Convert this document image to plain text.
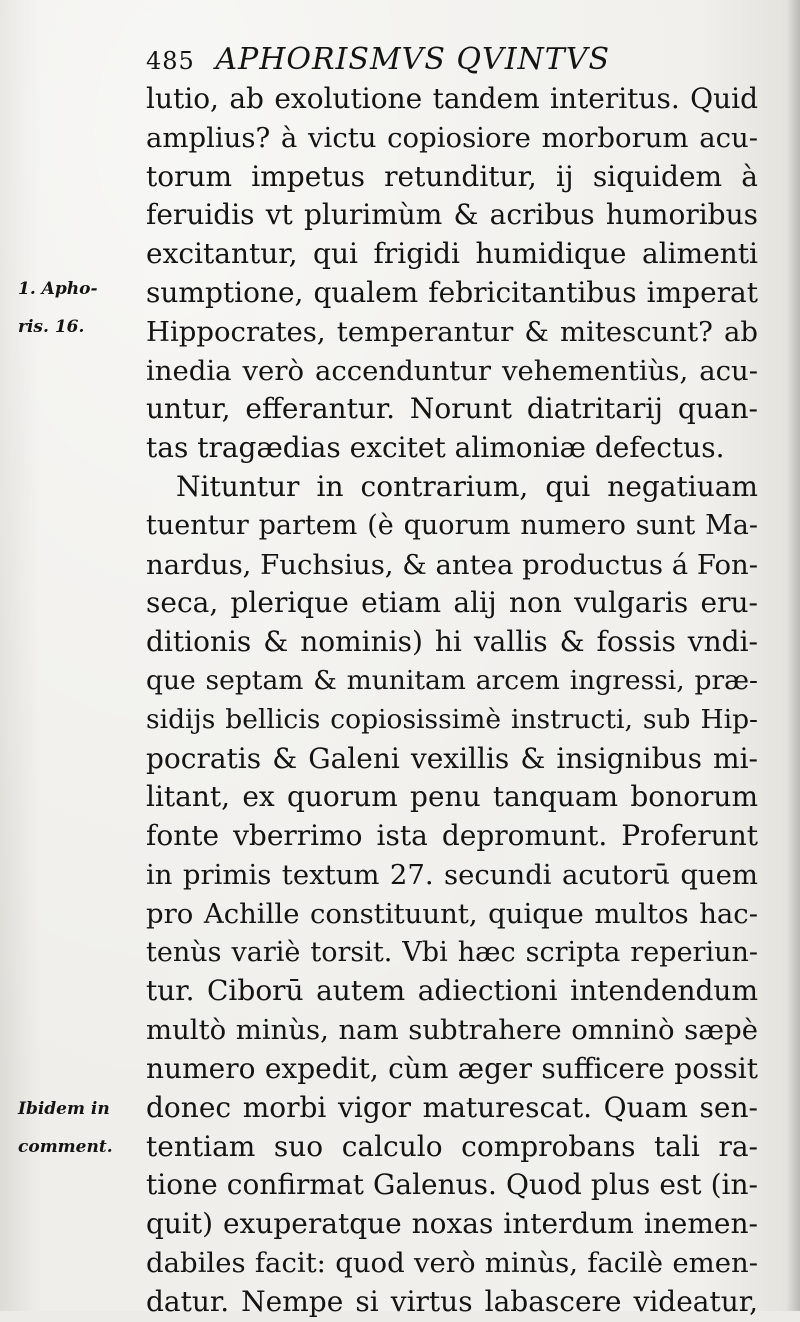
485 APHORISMVS QVINTVS
1. Apho-
ris. 16.
Ibidem in
comment.
lutio, ab exolutione tandem interitus. Quid
amplius? à victu copiosiore morborum acu-
torum impetus retunditur, ij siquidem à
feruidis vt plurimùm & acribus humoribus
excitantur, qui frigidi humidique alimenti
sumptione, qualem febricitantibus imperat
Hippocrates, temperantur & mitescunt? ab
inedia verò accenduntur vehementiùs, acu-
untur, efferantur. Norunt diatritarij quan-
tas tragædias excitet alimoniæ defectus.
Nituntur in contrarium, qui negatiuam
tuentur partem (è quorum numero sunt Ma-
nardus, Fuchsius, & antea productus á Fon-
seca, plerique etiam alij non vulgaris eru-
ditionis & nominis) hi vallis & fossis vndi-
que septam & munitam arcem ingressi, præ-
sidijs bellicis copiosissimè instructi, sub Hip-
pocratis & Galeni vexillis & insignibus mi-
litant, ex quorum penu tanquam bonorum
fonte vberrimo ista depromunt. Proferunt
in primis textum 27. secundi acutorū quem
pro Achille constituunt, quique multos hac-
tenùs variè torsit. Vbi hæc scripta reperiun-
tur. Ciborū autem adiectioni intendendum
multò minùs, nam subtrahere omninò sæpè
numero expedit, cùm æger sufficere possit
donec morbi vigor maturescat. Quam sen-
tentiam suo calculo comprobans tali ra-
tione confirmat Galenus. Quod plus est (in-
quit) exuperatque noxas interdum inemen-
dabiles facit: quod verò minùs, facilè emen-
datur. Nempe si virtus labascere videatur,
